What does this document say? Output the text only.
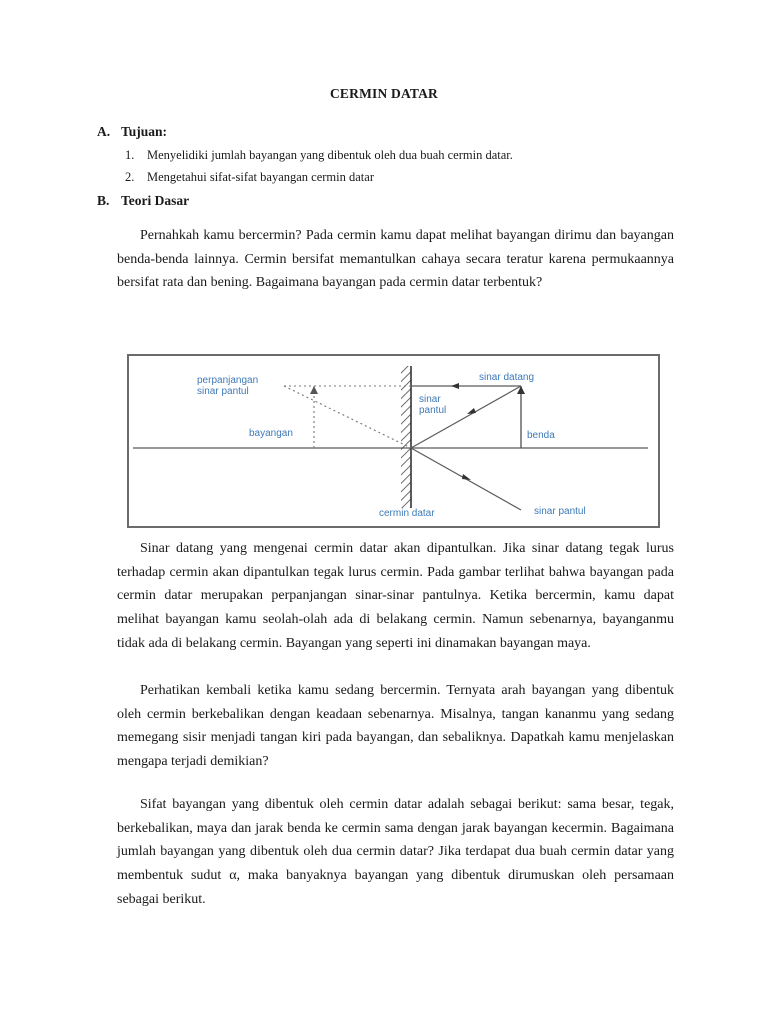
CERMIN DATAR
A. Tujuan:
1. Menyelidiki jumlah bayangan yang dibentuk oleh dua buah cermin datar.
2. Mengetahui sifat-sifat bayangan cermin datar
B. Teori Dasar

Pernahkah kamu bercermin? Pada cermin kamu dapat melihat bayangan dirimu dan bayangan benda-benda lainnya. Cermin bersifat memantulkan cahaya secara teratur karena permukaannya bersifat rata dan bening. Bagaimana bayangan pada cermin datar terbentuk?

perpanjangan
sinar pantul
bayangan
sinar
pantul
sinar datang
benda
cermin datar	sinar pantul

Sinar datang yang mengenai cermin datar akan dipantulkan. Jika sinar datang tegak lurus terhadap cermin akan dipantulkan tegak lurus cermin. Pada gambar terlihat bahwa bayangan pada cermin datar merupakan perpanjangan sinar-sinar pantulnya. Ketika bercermin, kamu dapat melihat bayangan kamu seolah-olah ada di belakang cermin. Namun sebenarnya, bayanganmu tidak ada di belakang cermin. Bayangan yang seperti ini dinamakan bayangan maya.

Perhatikan kembali ketika kamu sedang bercermin. Ternyata arah bayangan yang dibentuk oleh cermin berkebalikan dengan keadaan sebenarnya. Misalnya, tangan kananmu yang sedang memegang sisir menjadi tangan kiri pada bayangan, dan sebaliknya. Dapatkah kamu menjelaskan mengapa terjadi demikian?

Sifat bayangan yang dibentuk oleh cermin datar adalah sebagai berikut: sama besar, tegak, berkebalikan, maya dan jarak benda ke cermin sama dengan jarak bayangan kecermin. Bagaimana jumlah bayangan yang dibentuk oleh dua cermin datar? Jika terdapat dua buah cermin datar yang membentuk sudut α, maka banyaknya bayangan yang dibentuk dirumuskan oleh persamaan sebagai berikut.
